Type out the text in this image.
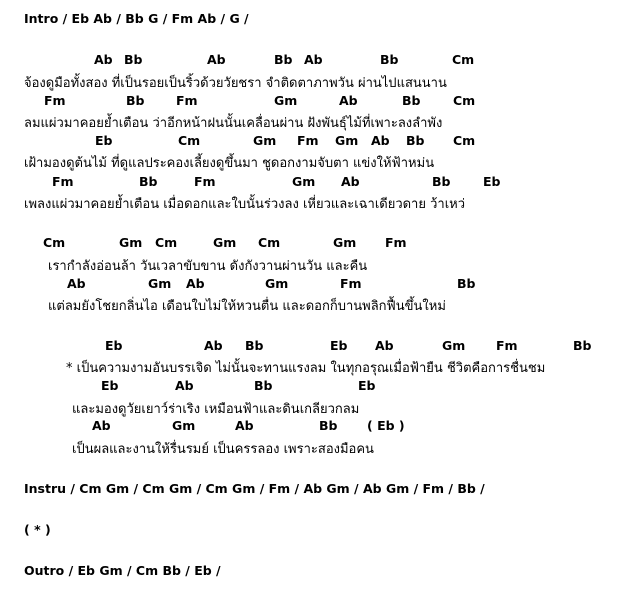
Intro / Eb Ab / Bb G / Fm Ab / G /
Ab Bb	Ab	Bb Ab	Bb	Cm
จ้องดูมือทั้งสอง ที่เป็นรอยเป็นริ้วด้วยวัยชรา จำติดตาภาพวัน ผ่านไปแสนนาน
Fm	Bb	Fm	Gm	Ab	Bb	Cm
ลมแผ่วมาคอยย้ำเตือน ว่าอีกหน้าฝนนั้นเคลื่อนผ่าน ฝังพันธุ์ไม้ที่เพาะลงลำพัง
Eb	Cm	Gm Fm Gm Ab Bb Cm
เฝ้ามองดูต้นไม้ ที่ดูแลประคองเลี้ยงดูขึ้นมา ชูดอกงามจับตา แข่งให้ฟ้าหม่น
Fm	Bb	Fm	Gm Ab	Bb	Eb
เพลงแผ่วมาคอยย้ำเตือน เมื่อดอกและใบนั้นร่วงลง เหี่ยวและเฉาเดียวดาย ว้าเหว่
Cm	Gm Cm	Gm Cm	Gm Fm
เรากำลังอ่อนล้า วันเวลาขับขาน ดังกังวานผ่านวัน และคืน
Ab	Gm Ab	Gm	Fm	Bb
แต่ลมยังโชยกลิ่นไอ เดือนใบไม่ให้หวนตื่น และดอกก็บานพลิกฟื้นขึ้นใหม่
Eb	Ab Bb	Eb Ab	Gm Fm	Bb
* เป็นความงามอันบรรเจิด ไม่นั้นจะทานแรงลม ในทุกอรุณเมื่อฟ้ายืน ชีวิตคือการชื่นชม
Eb	Ab	Bb	Eb
และมองดูวัยเยาว์ร่าเริง เหมือนฟ้าและดินเกลียวกลม
Ab	Gm	Ab	Bb ( Eb )
เป็นผลและงานให้รื่นรมย์ เป็นครรลอง เพราะสองมือคน
Instru / Cm Gm / Cm Gm / Cm Gm / Fm / Ab Gm / Ab Gm / Fm / Bb /
( * )
Outro / Eb Gm / Cm Bb / Eb /
